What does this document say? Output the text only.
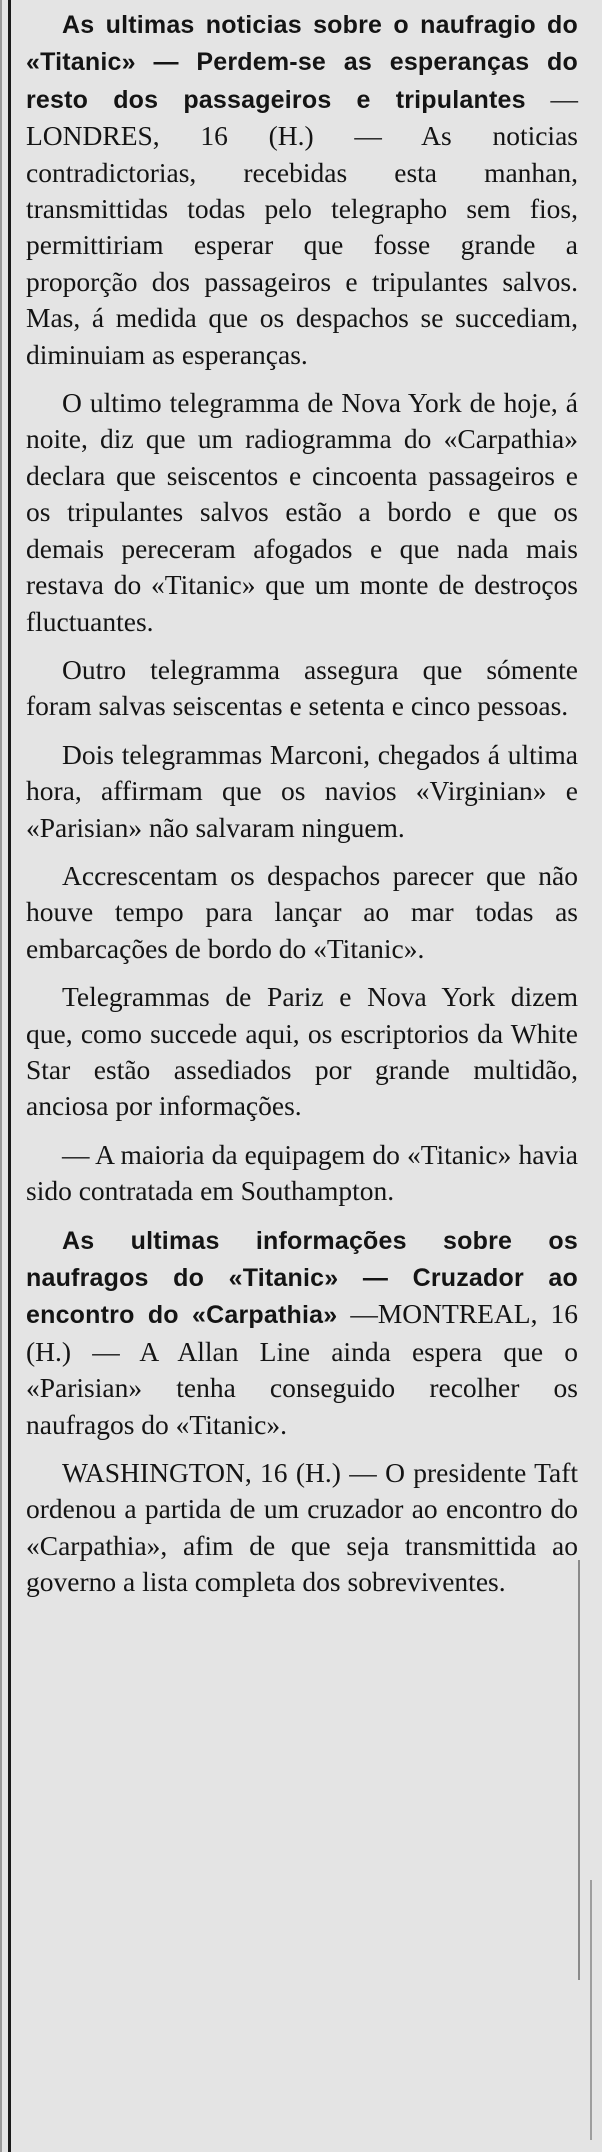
As ultimas noticias sobre o naufragio do «Titanic» — Perdem-se as esperanças do resto dos passageiros e tripulantes — LONDRES, 16 (H.) — As noticias contradictorias, recebidas esta manhan, transmittidas todas pelo telegrapho sem fios, permittiriam esperar que fosse grande a proporção dos passageiros e tripulantes salvos. Mas, á medida que os despachos se succediam, diminuiam as esperanças.

O ultimo telegramma de Nova York de hoje, á noite, diz que um radiogramma do «Carpathia» declara que seiscentos e cincoenta passageiros e os tripulantes salvos estão a bordo e que os demais pereceram afogados e que nada mais restava do «Titanic» que um monte de destroços fluctuantes.

Outro telegramma assegura que sómente foram salvas seiscentas e setenta e cinco pessoas.

Dois telegrammas Marconi, chegados á ultima hora, affirmam que os navios «Virginian» e «Parisian» não salvaram ninguem.

Accrescentam os despachos parecer que não houve tempo para lançar ao mar todas as embarcações de bordo do «Titanic».

Telegrammas de Pariz e Nova York dizem que, como succede aqui, os escriptorios da White Star estão assediados por grande multidão, anciosa por informações.

— A maioria da equipagem do «Titanic» havia sido contratada em Southampton.

As ultimas informações sobre os naufragos do «Titanic» — Cruzador ao encontro do «Carpathia» —MONTREAL, 16 (H.) — A Allan Line ainda espera que o «Parisian» tenha conseguido recolher os naufragos do «Titanic».

WASHINGTON, 16 (H.) — O presidente Taft ordenou a partida de um cruzador ao encontro do «Carpathia», afim de que seja transmittida ao governo a lista completa dos sobreviventes.
